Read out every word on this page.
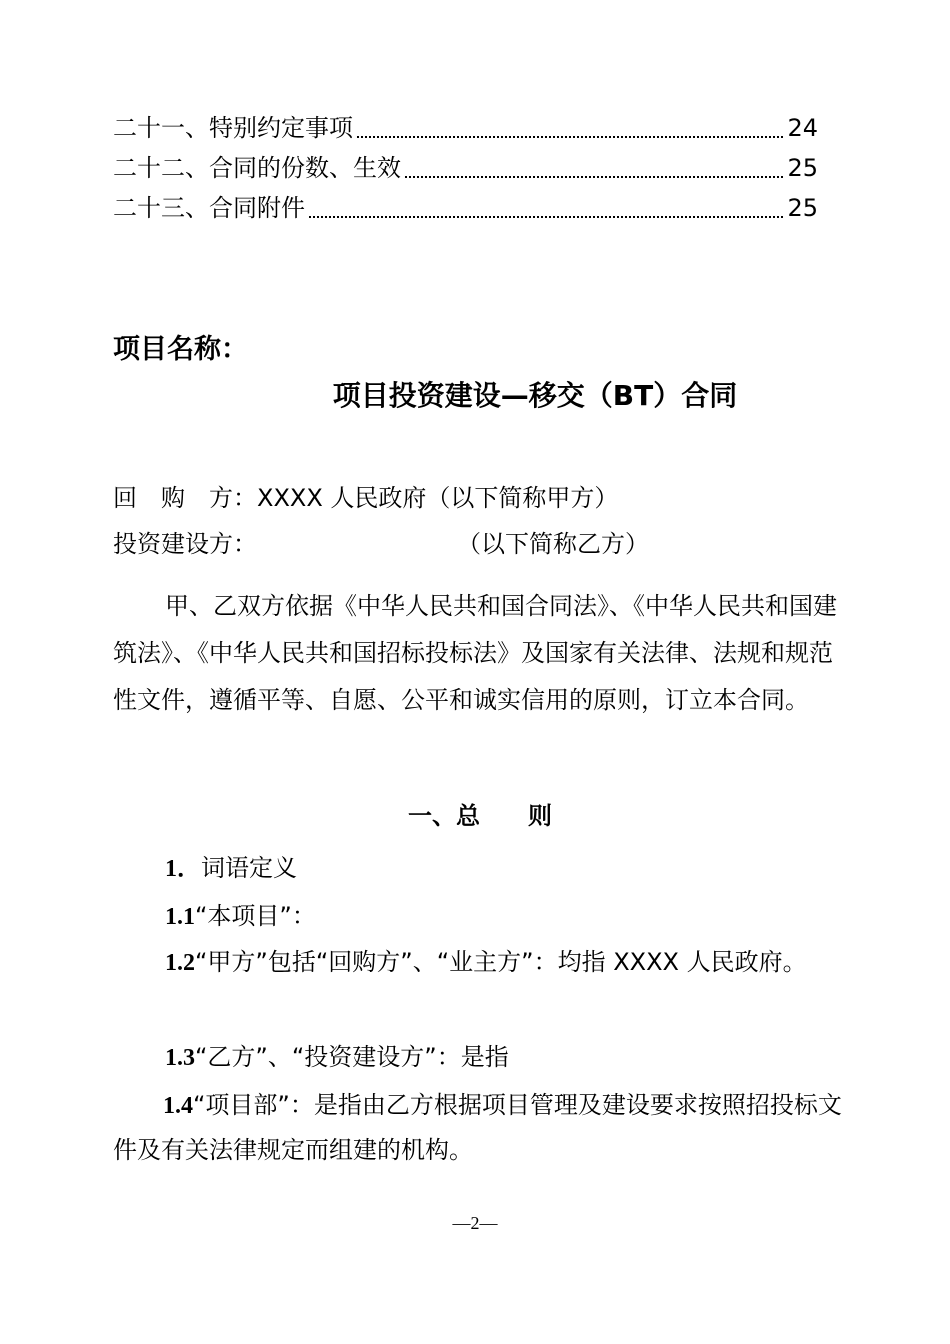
二十一、特别约定事项	24
二十二、合同的份数、生效	25
二十三、合同附件	25
项目名称：
项目投资建设—移交（BT）合同
回　购　方：XXXX 人民政府（以下简称甲方）
投资建设方：	（以下简称乙方）

甲、乙双方依据《中华人民共和国合同法》、《中华人民共和国建筑法》、《中华人民共和国招标投标法》及国家有关法律、法规和规范性文件，遵循平等、自愿、公平和诚实信用的原则，订立本合同。

一、总　　则
1．词语定义
1.1“本项目”：
1.2“甲方”包括“回购方”、“业主方”：均指 XXXX 人民政府。
1.3“乙方”、“投资建设方”：是指
1.4“项目部”：是指由乙方根据项目管理及建设要求按照招投标文件及有关法律规定而组建的机构。
—2—
